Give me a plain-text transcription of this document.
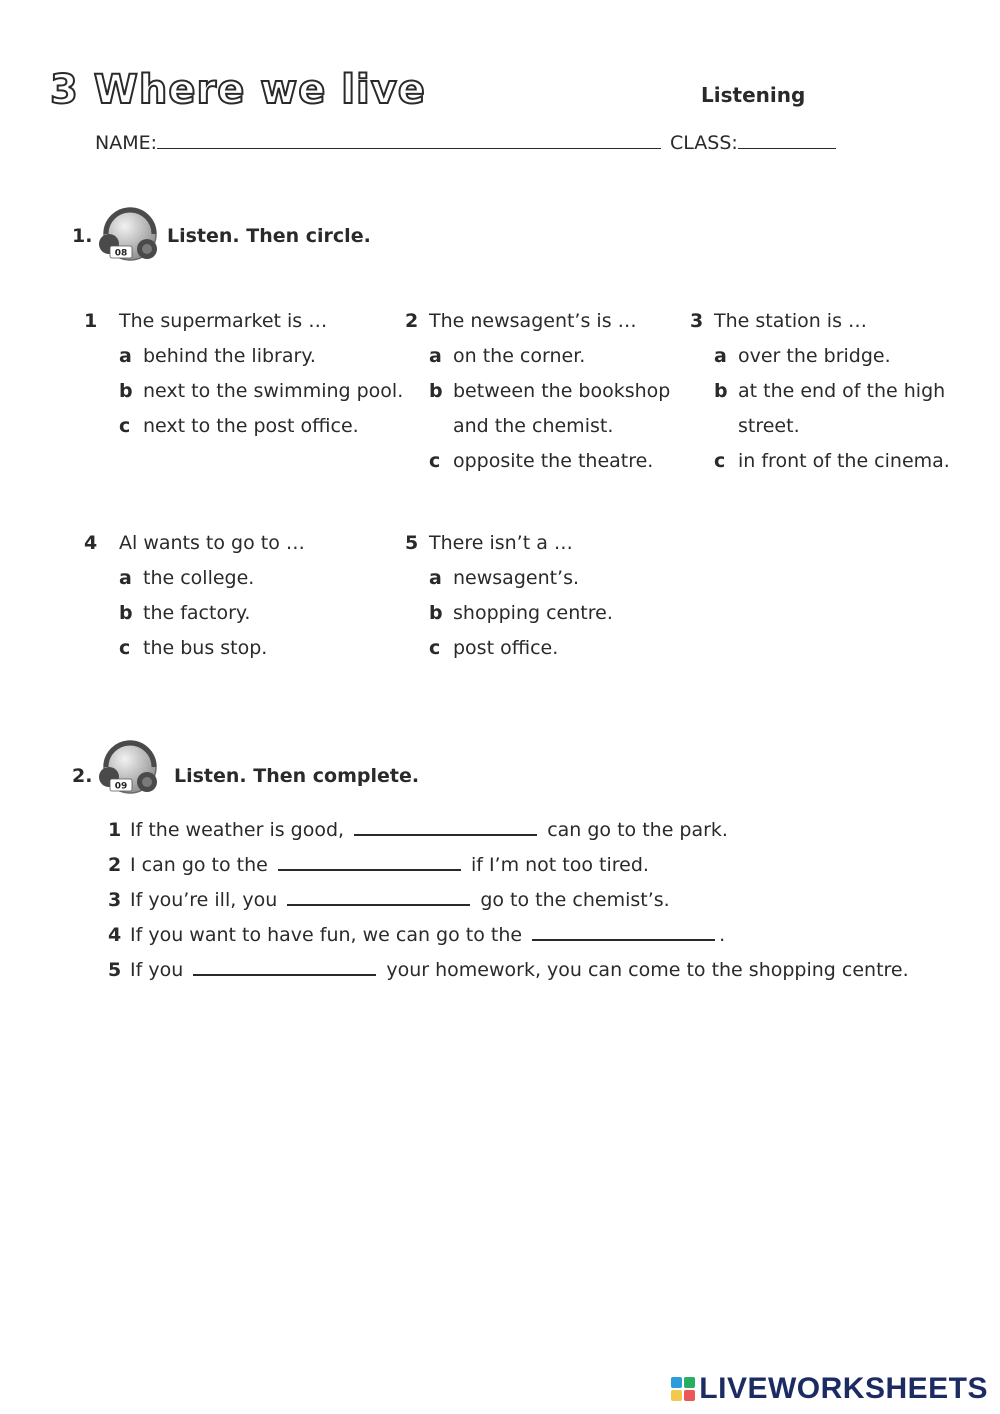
3 Where we live	Listening
NAME:	CLASS:
1.
08
Listen. Then circle.
1 The supermarket is …
a behind the library.
b next to the swimming pool.
c next to the post office.
2 The newsagent’s is …
a on the corner.
b between the bookshop
and the chemist.
c opposite the theatre.
3 The station is …
a over the bridge.
b at the end of the high
street.
c in front of the cinema.
4 Al wants to go to …
a the college.
b the factory.
c the bus stop.
5 There isn’t a …
a newsagent’s.
b shopping centre.
c post office.
2. 09 Listen. Then complete.
1 If the weather is good,	can go to the park.
2 I can go to the	if I’m not too tired.
3 If you’re ill, you	go to the chemist’s.
4 If you want to have fun, we can go to the	.
5 If you	your homework, you can come to the shopping centre.
LIVEWORKSHEETS
